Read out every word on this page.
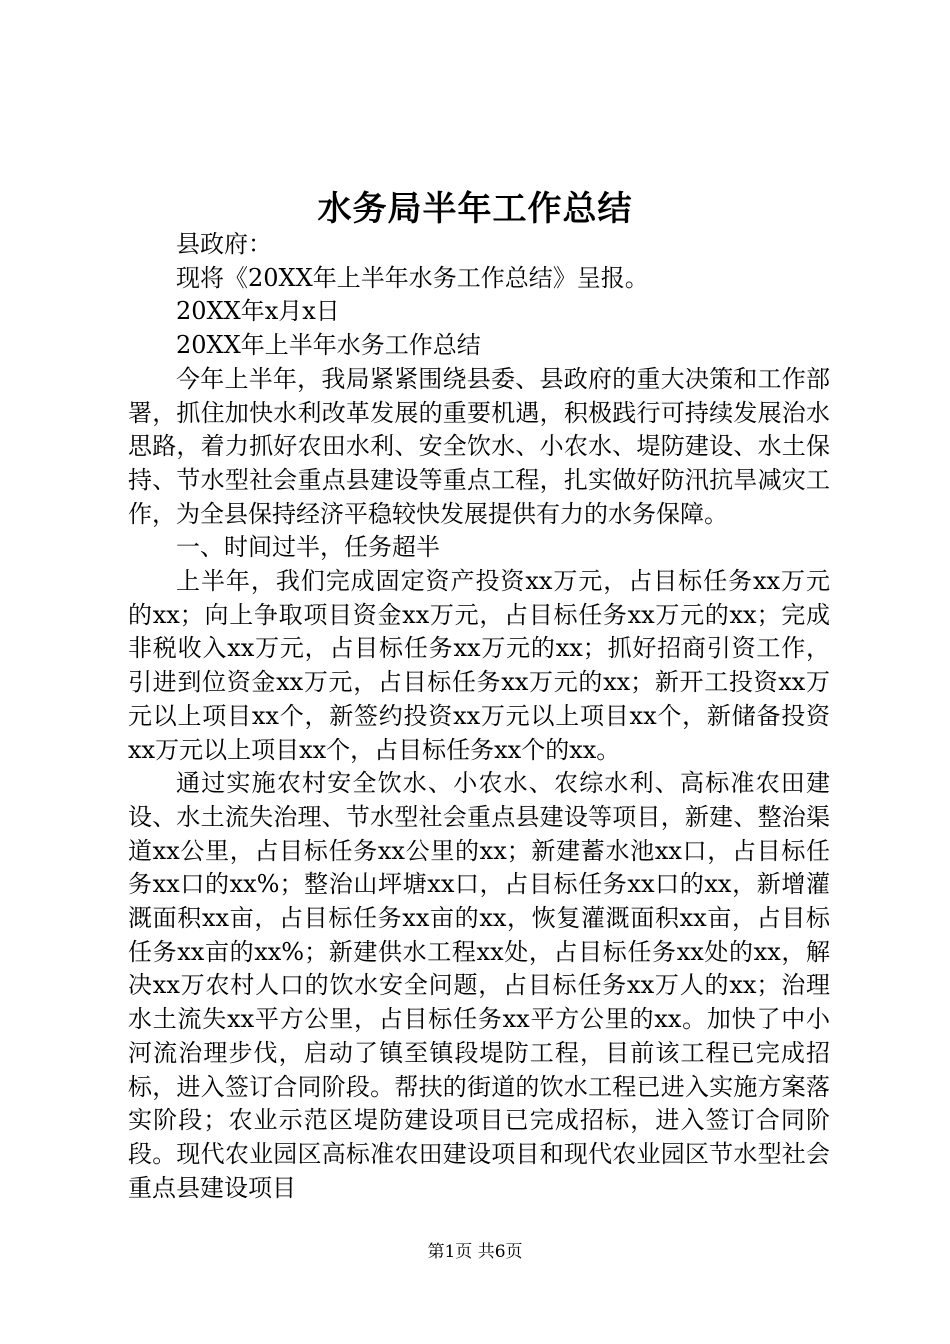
水务局半年工作总结

县政府：

现将《20XX年上半年水务工作总结》呈报。

20XX年x月x日

20XX年上半年水务工作总结

今年上半年，我局紧紧围绕县委、县政府的重大决策和工作部署，抓住加快水利改革发展的重要机遇，积极践行可持续发展治水思路，着力抓好农田水利、安全饮水、小农水、堤防建设、水土保持、节水型社会重点县建设等重点工程，扎实做好防汛抗旱减灾工作，为全县保持经济平稳较快发展提供有力的水务保障。

一、时间过半，任务超半

上半年，我们完成固定资产投资xx万元，占目标任务xx万元的xx；向上争取项目资金xx万元，占目标任务xx万元的xx；完成非税收入xx万元，占目标任务xx万元的xx；抓好招商引资工作，引进到位资金xx万元，占目标任务xx万元的xx；新开工投资xx万元以上项目xx个，新签约投资xx万元以上项目xx个，新储备投资xx万元以上项目xx个，占目标任务xx个的xx。

通过实施农村安全饮水、小农水、农综水利、高标准农田建设、水土流失治理、节水型社会重点县建设等项目，新建、整治渠道xx公里，占目标任务xx公里的xx；新建蓄水池xx口，占目标任务xx口的xx%；整治山坪塘xx口，占目标任务xx口的xx，新增灌溉面积xx亩，占目标任务xx亩的xx，恢复灌溉面积xx亩，占目标任务xx亩的xx%；新建供水工程xx处，占目标任务xx处的xx，解决xx万农村人口的饮水安全问题，占目标任务xx万人的xx；治理水土流失xx平方公里，占目标任务xx平方公里的xx。加快了中小河流治理步伐，启动了镇至镇段堤防工程，目前该工程已完成招标，进入签订合同阶段。帮扶的街道的饮水工程已进入实施方案落实阶段；农业示范区堤防建设项目已完成招标，进入签订合同阶段。现代农业园区高标准农田建设项目和现代农业园区节水型社会重点县建设项目

第1页 共6页
